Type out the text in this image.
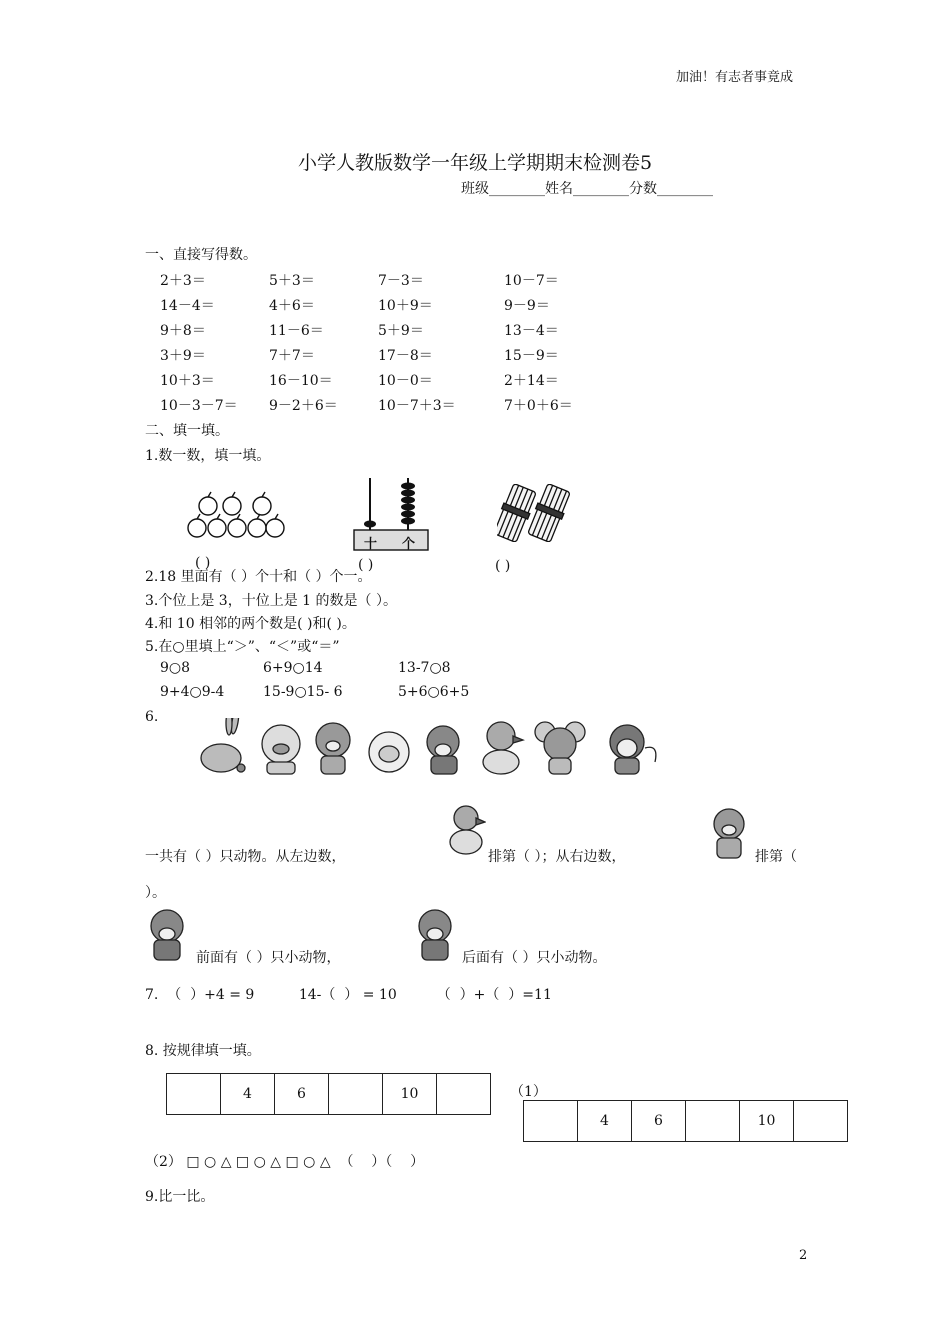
加油！有志者事竟成
小学人教版数学一年级上学期期末检测卷5
班级________姓名________分数________
一、直接写得数。
2＋3＝	5＋3＝	7－3＝	10－7＝
14－4＝	4＋6＝	10＋9＝	9－9＝
9＋8＝	11－6＝	5＋9＝	13－4＝
3＋9＝	7＋7＝	17－8＝	15－9＝
10＋3＝	16－10＝	10－0＝	2＋14＝
10－3－7＝ 9－2＋6＝	10－7＋3＝	7＋0＋6＝
二、填一填。
1.数一数，填一填。
十 个
( )	( )	( )
2.18 里面有（ ）个十和（ ）个一。
3.个位上是 3，十位上是 1 的数是（ ）。
4.和 10 相邻的两个数是( )和( )。
5.在○里填上“＞”、“＜”或“＝”
9○8	6+9○14	13-7○8
9+4○9-4	15-9○15- 6	5+6○6+5
6.
一共有（ ）只动物。从左边数，	排第（ ）；从右边数，	排第（
）。
前面有（ ）只小动物，	后面有（ ）只小动物。
7.  （  ）+4 = 9          14-（  ） = 10         （  ）+（  ）=11
8. 按规律填一填。
	4	6		10		（1）
	4	6		10	
（2） □ ○ △ □ ○ △ □ ○ △  （    ）（    ）
9.比一比。
2
